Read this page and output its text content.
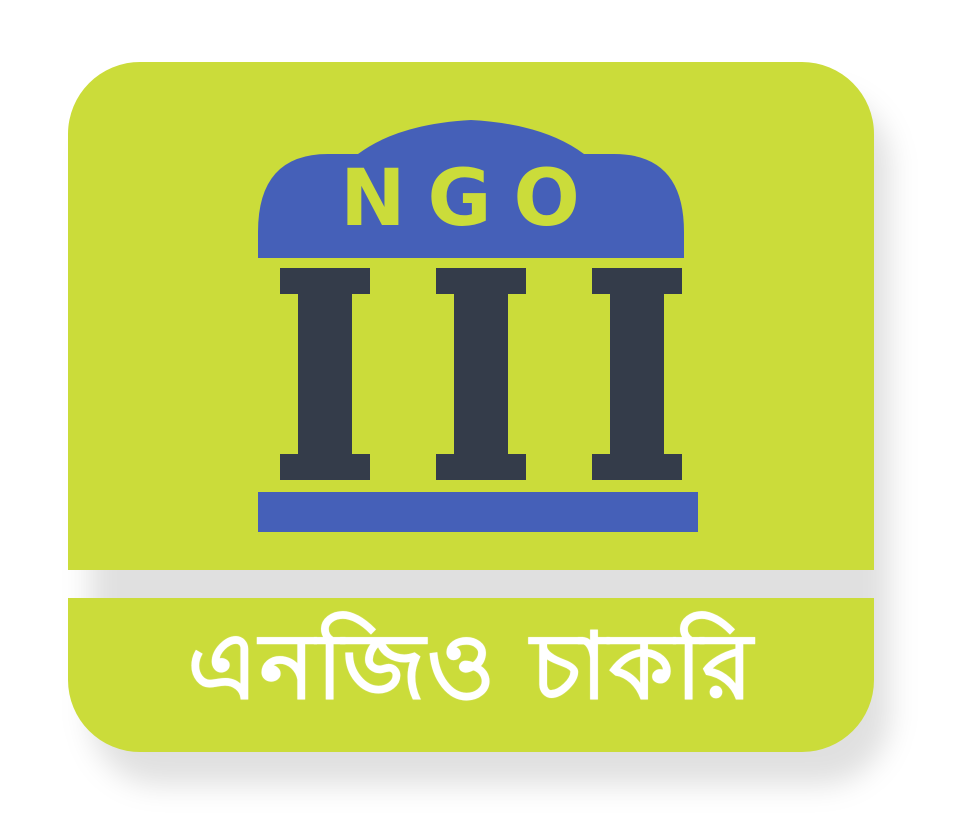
NGO
এনজিও চাকরি
